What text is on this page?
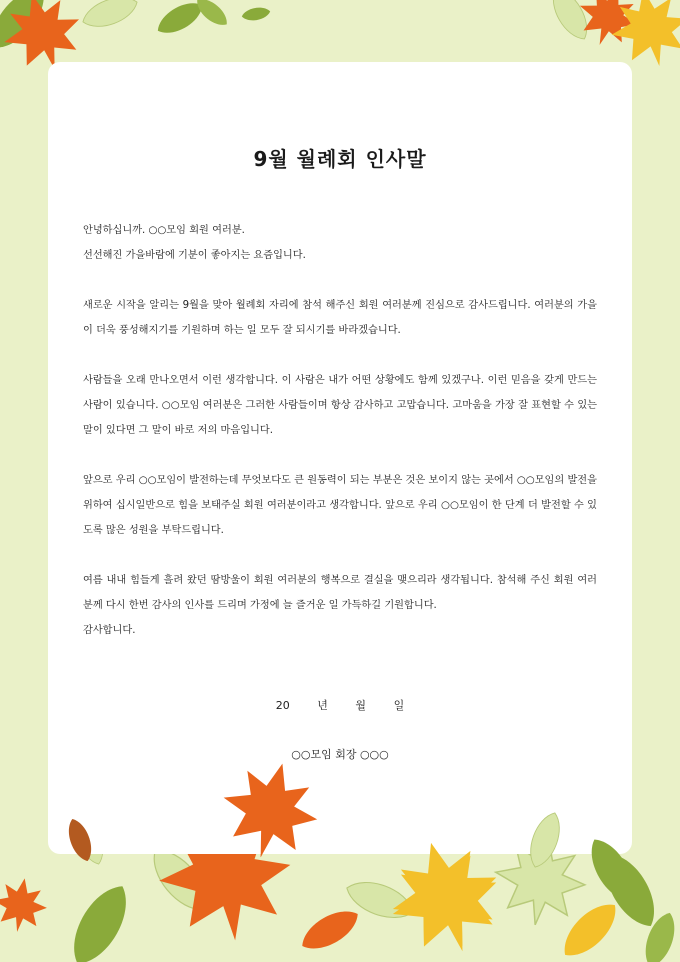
9월 월례회 인사말

안녕하십니까. ○○모임 회원 여러분.

선선해진 가을바람에 기분이 좋아지는 요즘입니다.

새로운 시작을 알리는 9월을 맞아 월례회 자리에 참석 해주신 회원 여러분께 진심으로 감사드립니다. 여러분의 가을이 더욱 풍성해지기를 기원하며 하는 일 모두 잘 되시기를 바라겠습니다.

사람들을 오래 만나오면서 이런 생각합니다. 이 사람은 내가 어떤 상황에도 함께 있겠구나. 이런 믿음을 갖게 만드는 사람이 있습니다. ○○모임 여러분은 그러한 사람들이며 항상 감사하고 고맙습니다. 고마움을 가장 잘 표현할 수 있는 말이 있다면 그 말이 바로 저의 마음입니다.

앞으로 우리 ○○모임이 발전하는데 무엇보다도 큰 원동력이 되는 부분은 것은 보이지 않는 곳에서 ○○모임의 발전을 위하여 십시일반으로 힘을 보태주실 회원 여러분이라고 생각합니다. 앞으로 우리 ○○모임이 한 단계 더 발전할 수 있도록 많은 성원을 부탁드립니다.

여름 내내 힘들게 흘려 왔던 땀방울이 회원 여러분의 행복으로 결실을 맺으리라 생각됩니다. 참석해 주신 회원 여러분께 다시 한번 감사의 인사를 드리며 가정에 늘 즐거운 일 가득하길 기원합니다.

감사합니다.

20	년	월	일
○○모임 회장 ○○○
